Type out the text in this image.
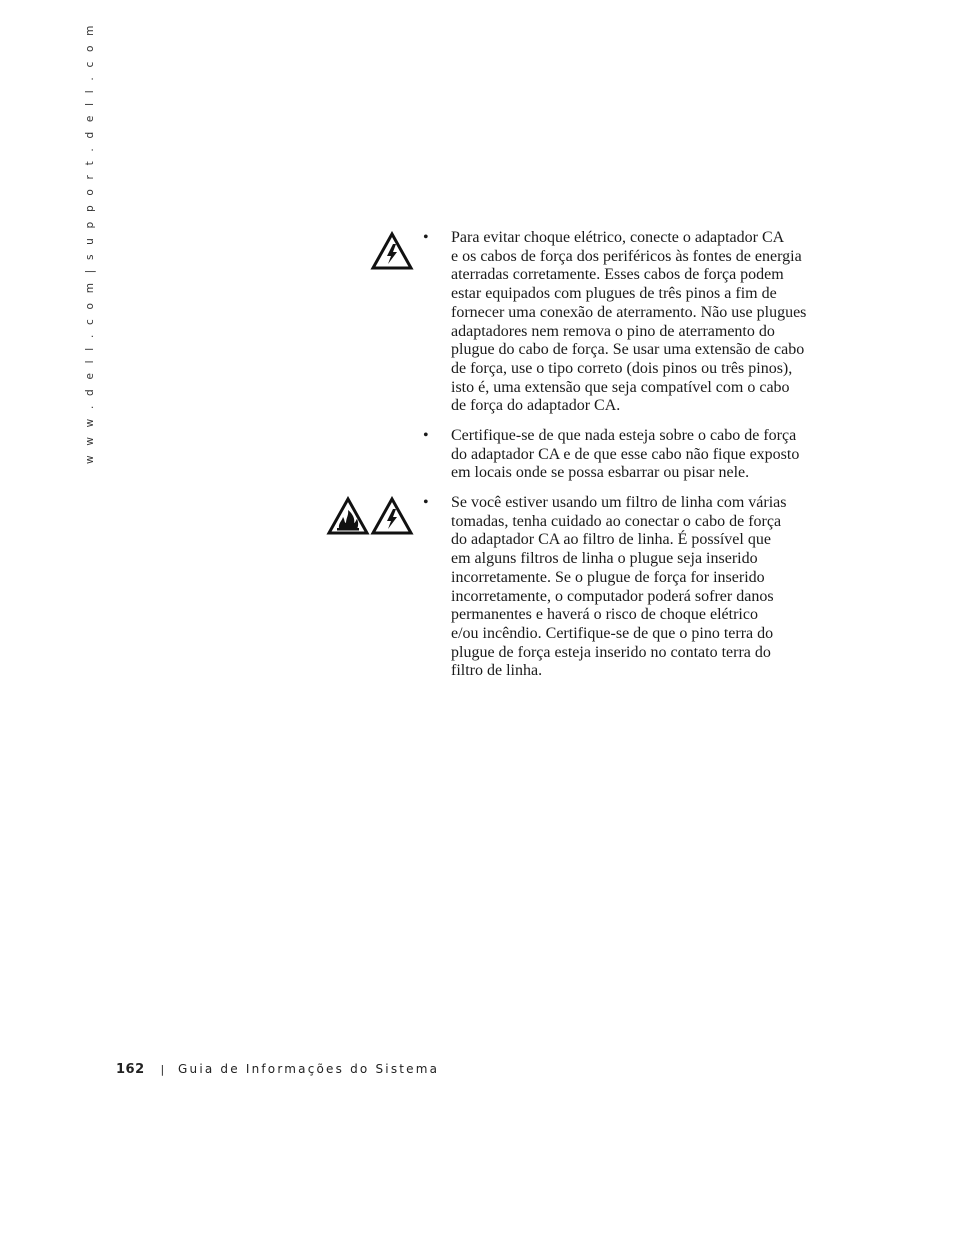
w w w . d e l l . c o m | s u p p o r t . d e l l . c o m	• Para evitar choque elétrico, conecte o adaptador CA
e os cabos de força dos periféricos às fontes de energia
aterradas corretamente. Esses cabos de força podem
estar equipados com plugues de três pinos a fim de
fornecer uma conexão de aterramento. Não use plugues
adaptadores nem remova o pino de aterramento do
plugue do cabo de força. Se usar uma extensão de cabo
de força, use o tipo correto (dois pinos ou três pinos),
isto é, uma extensão que seja compatível com o cabo
de força do adaptador CA.

• Certifique-se de que nada esteja sobre o cabo de força
do adaptador CA e de que esse cabo não fique exposto
em locais onde se possa esbarrar ou pisar nele.

• Se você estiver usando um filtro de linha com várias
tomadas, tenha cuidado ao conectar o cabo de força
do adaptador CA ao filtro de linha. É possível que
em alguns filtros de linha o plugue seja inserido
incorretamente. Se o plugue de força for inserido
incorretamente, o computador poderá sofrer danos
permanentes e haverá o risco de choque elétrico
e/ou incêndio. Certifique-se de que o pino terra do
plugue de força esteja inserido no contato terra do
filtro de linha.

162 | Guia de Informações do Sistema
